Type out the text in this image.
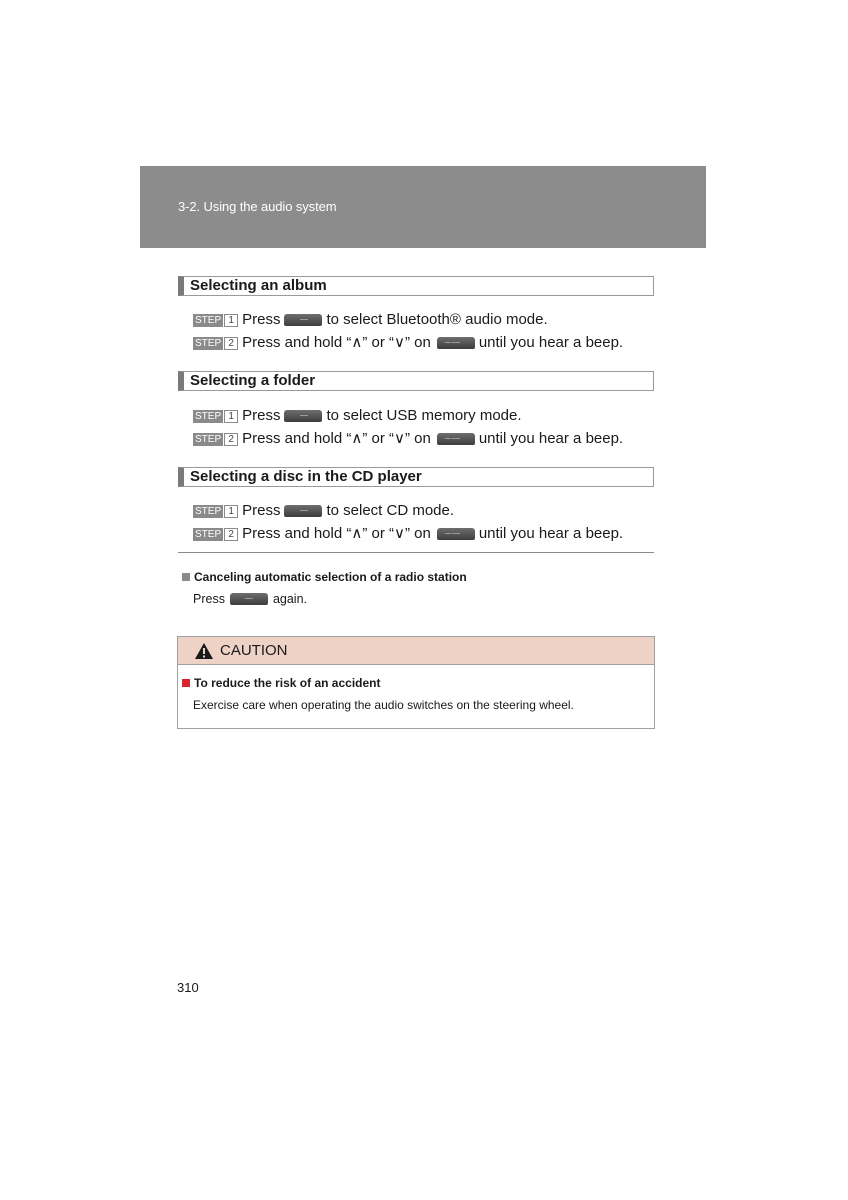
3-2. Using the audio system
Selecting an album
STEP 1 Press	to select Bluetooth® audio mode.
STEP 2 Press and hold “∧” or “∨” on	until you hear a beep.
Selecting a folder
STEP 1 Press	to select USB memory mode.
STEP 2 Press and hold “∧” or “∨” on	until you hear a beep.
Selecting a disc in the CD player
STEP 1 Press	to select CD mode.
STEP 2 Press and hold “∧” or “∨” on	until you hear a beep.
Canceling automatic selection of a radio station
Press	again.
CAUTION
To reduce the risk of an accident
Exercise care when operating the audio switches on the steering wheel.
310
